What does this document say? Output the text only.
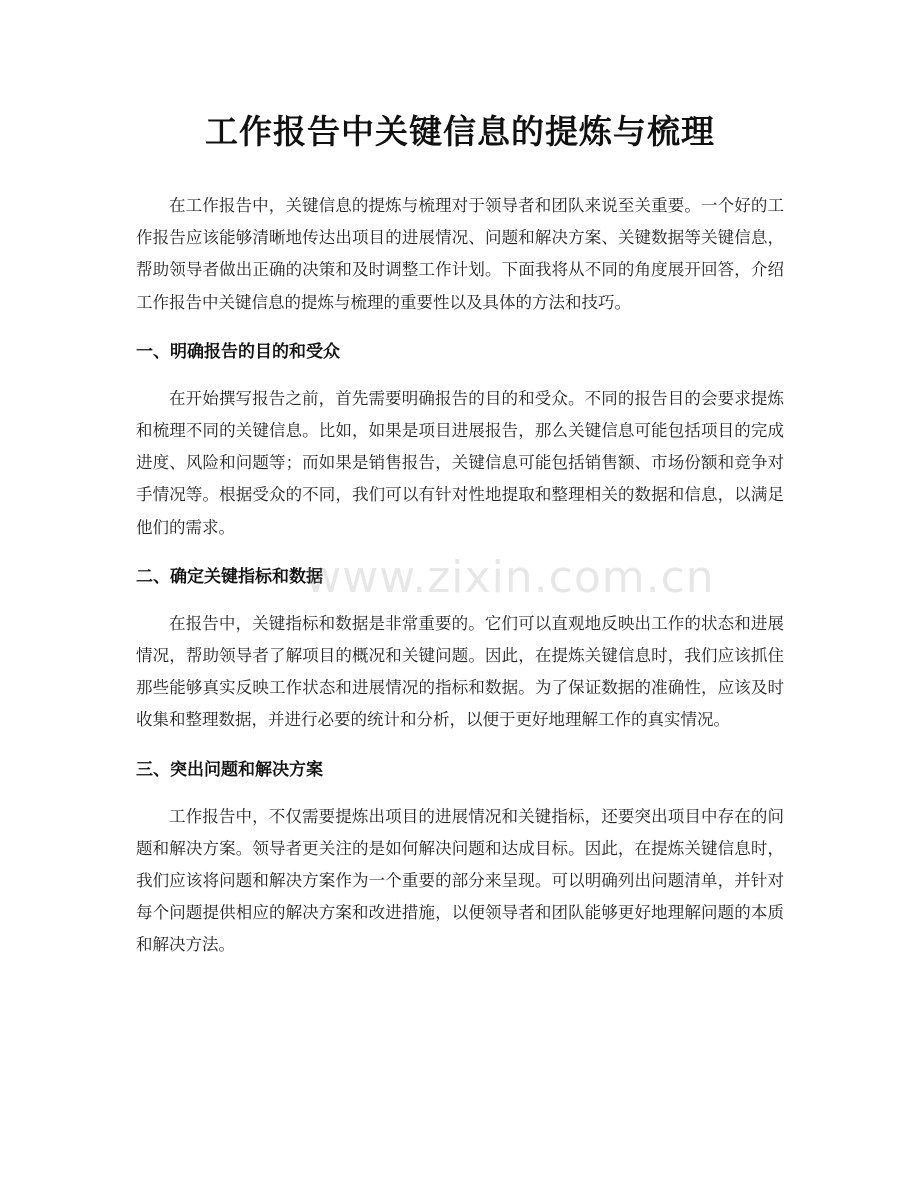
工作报告中关键信息的提炼与梳理

在工作报告中，关键信息的提炼与梳理对于领导者和团队来说至关重要。一个好的工作报告应该能够清晰地传达出项目的进展情况、问题和解决方案、关键数据等关键信息，帮助领导者做出正确的决策和及时调整工作计划。下面我将从不同的角度展开回答，介绍工作报告中关键信息的提炼与梳理的重要性以及具体的方法和技巧。

一、明确报告的目的和受众

在开始撰写报告之前，首先需要明确报告的目的和受众。不同的报告目的会要求提炼和梳理不同的关键信息。比如，如果是项目进展报告，那么关键信息可能包括项目的完成进度、风险和问题等；而如果是销售报告，关键信息可能包括销售额、市场份额和竞争对手情况等。根据受众的不同，我们可以有针对性地提取和整理相关的数据和信息，以满足他们的需求。

二、确定关键指标和数据

在报告中，关键指标和数据是非常重要的。它们可以直观地反映出工作的状态和进展情况，帮助领导者了解项目的概况和关键问题。因此，在提炼关键信息时，我们应该抓住那些能够真实反映工作状态和进展情况的指标和数据。为了保证数据的准确性，应该及时收集和整理数据，并进行必要的统计和分析，以便于更好地理解工作的真实情况。

三、突出问题和解决方案

工作报告中，不仅需要提炼出项目的进展情况和关键指标，还要突出项目中存在的问题和解决方案。领导者更关注的是如何解决问题和达成目标。因此，在提炼关键信息时，我们应该将问题和解决方案作为一个重要的部分来呈现。可以明确列出问题清单，并针对每个问题提供相应的解决方案和改进措施，以便领导者和团队能够更好地理解问题的本质和解决方法。

www.zixin.com.cn
